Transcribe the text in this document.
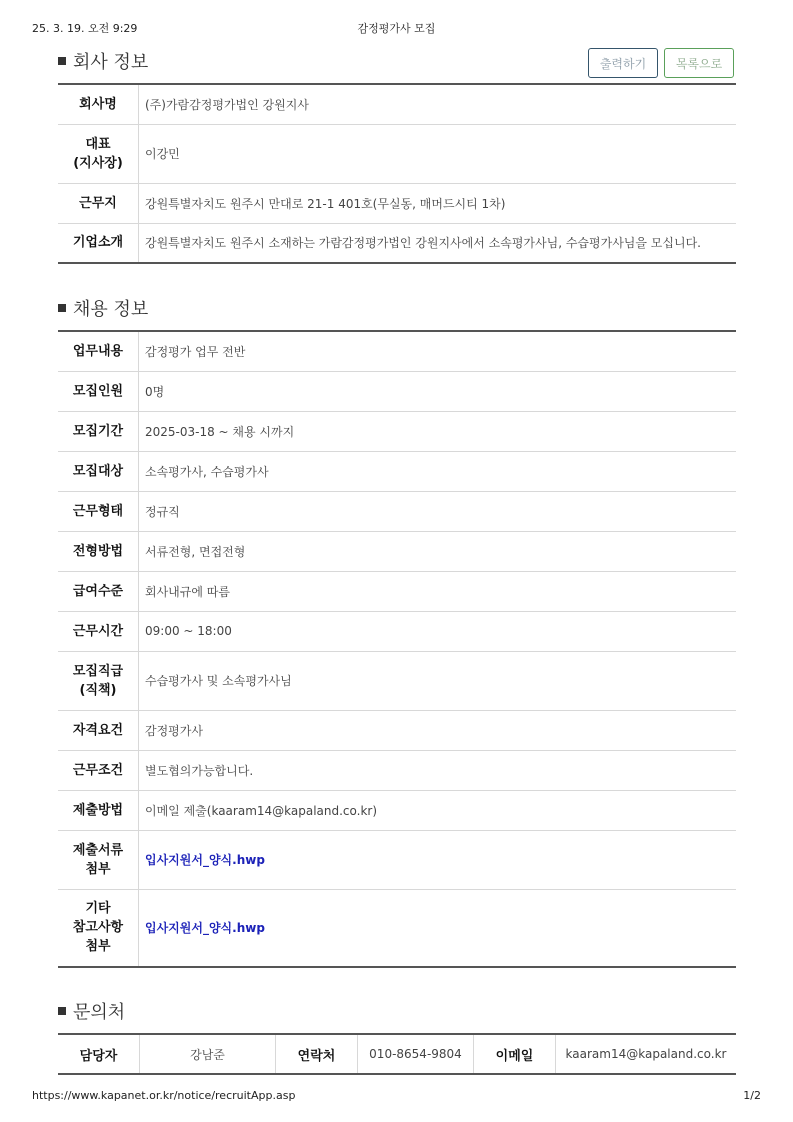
25. 3. 19. 오전 9:29	감정평가사 모집
회사 정보	출력하기	목록으로
회사명	(주)가람감정평가법인 강원지사
대표
(지사장)	이강민
근무지	강원특별자치도 원주시 만대로 21-1 401호(무실동, 매머드시티 1차)
기업소개	강원특별자치도 원주시 소재하는 가람감정평가법인 강원지사에서 소속평가사님, 수습평가사님을 모십니다.
채용 정보
업무내용	감정평가 업무 전반
모집인원	0명
모집기간	2025-03-18 ~ 채용 시까지
모집대상	소속평가사, 수습평가사
근무형태	정규직
전형방법	서류전형, 면접전형
급여수준	회사내규에 따름
근무시간	09:00 ~ 18:00
모집직급
(직책)	수습평가사 및 소속평가사님
자격요건	감정평가사
근무조건	별도협의가능합니다.
제출방법	이메일 제출(kaaram14@kapaland.co.kr)
제출서류
첨부	입사지원서_양식.hwp
기타
참고사항
첨부	입사지원서_양식.hwp
문의처
담당자	강남준	연락처	010-8654-9804	이메일	kaaram14@kapaland.co.kr
https://www.kapanet.or.kr/notice/recruitApp.asp	1/2
